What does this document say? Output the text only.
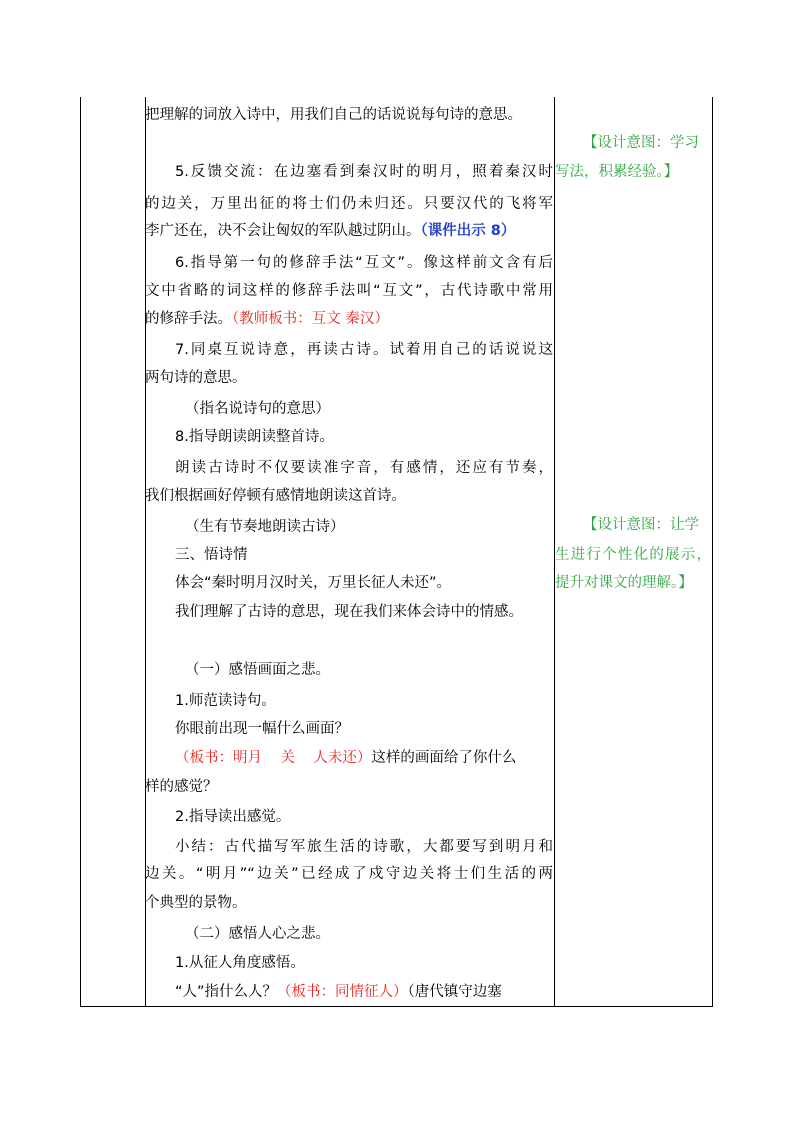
把理解的词放入诗中，用我们自己的话说说每句诗的意思。
5.反馈交流：在边塞看到秦汉时的明月，照着秦汉时
的边关，万里出征的将士们仍未归还。只要汉代的飞将军
李广还在，决不会让匈奴的军队越过阴山。（课件出示 8）
6.指导第一句的修辞手法“互文”。像这样前文含有后
文中省略的词这样的修辞手法叫“互文”，古代诗歌中常用
的修辞手法。（教师板书：互文 秦汉）
7.同桌互说诗意，再读古诗。试着用自己的话说说这
两句诗的意思。
（指名说诗句的意思）
8.指导朗读朗读整首诗。
朗读古诗时不仅要读准字音，有感情，还应有节奏，
我们根据画好停顿有感情地朗读这首诗。
（生有节奏地朗读古诗）
三、悟诗情
体会“秦时明月汉时关，万里长征人未还”。
我们理解了古诗的意思，现在我们来体会诗中的情感。
（一）感悟画面之悲。
1.师范读诗句。
你眼前出现一幅什么画面？
（板书：明月    关    人未还）这样的画面给了你什么
样的感觉？
2.指导读出感觉。
小结：古代描写军旅生活的诗歌，大都要写到明月和
边关。“明月”“边关”已经成了戍守边关将士们生活的两
个典型的景物。
（二）感悟人心之悲。
1.从征人角度感悟。
“人”指什么人？（板书：同情征人）（唐代镇守边塞
【设计意图：学习
写法，积累经验。】
【设计意图：让学
生进行个性化的展示，
提升对课文的理解。】
